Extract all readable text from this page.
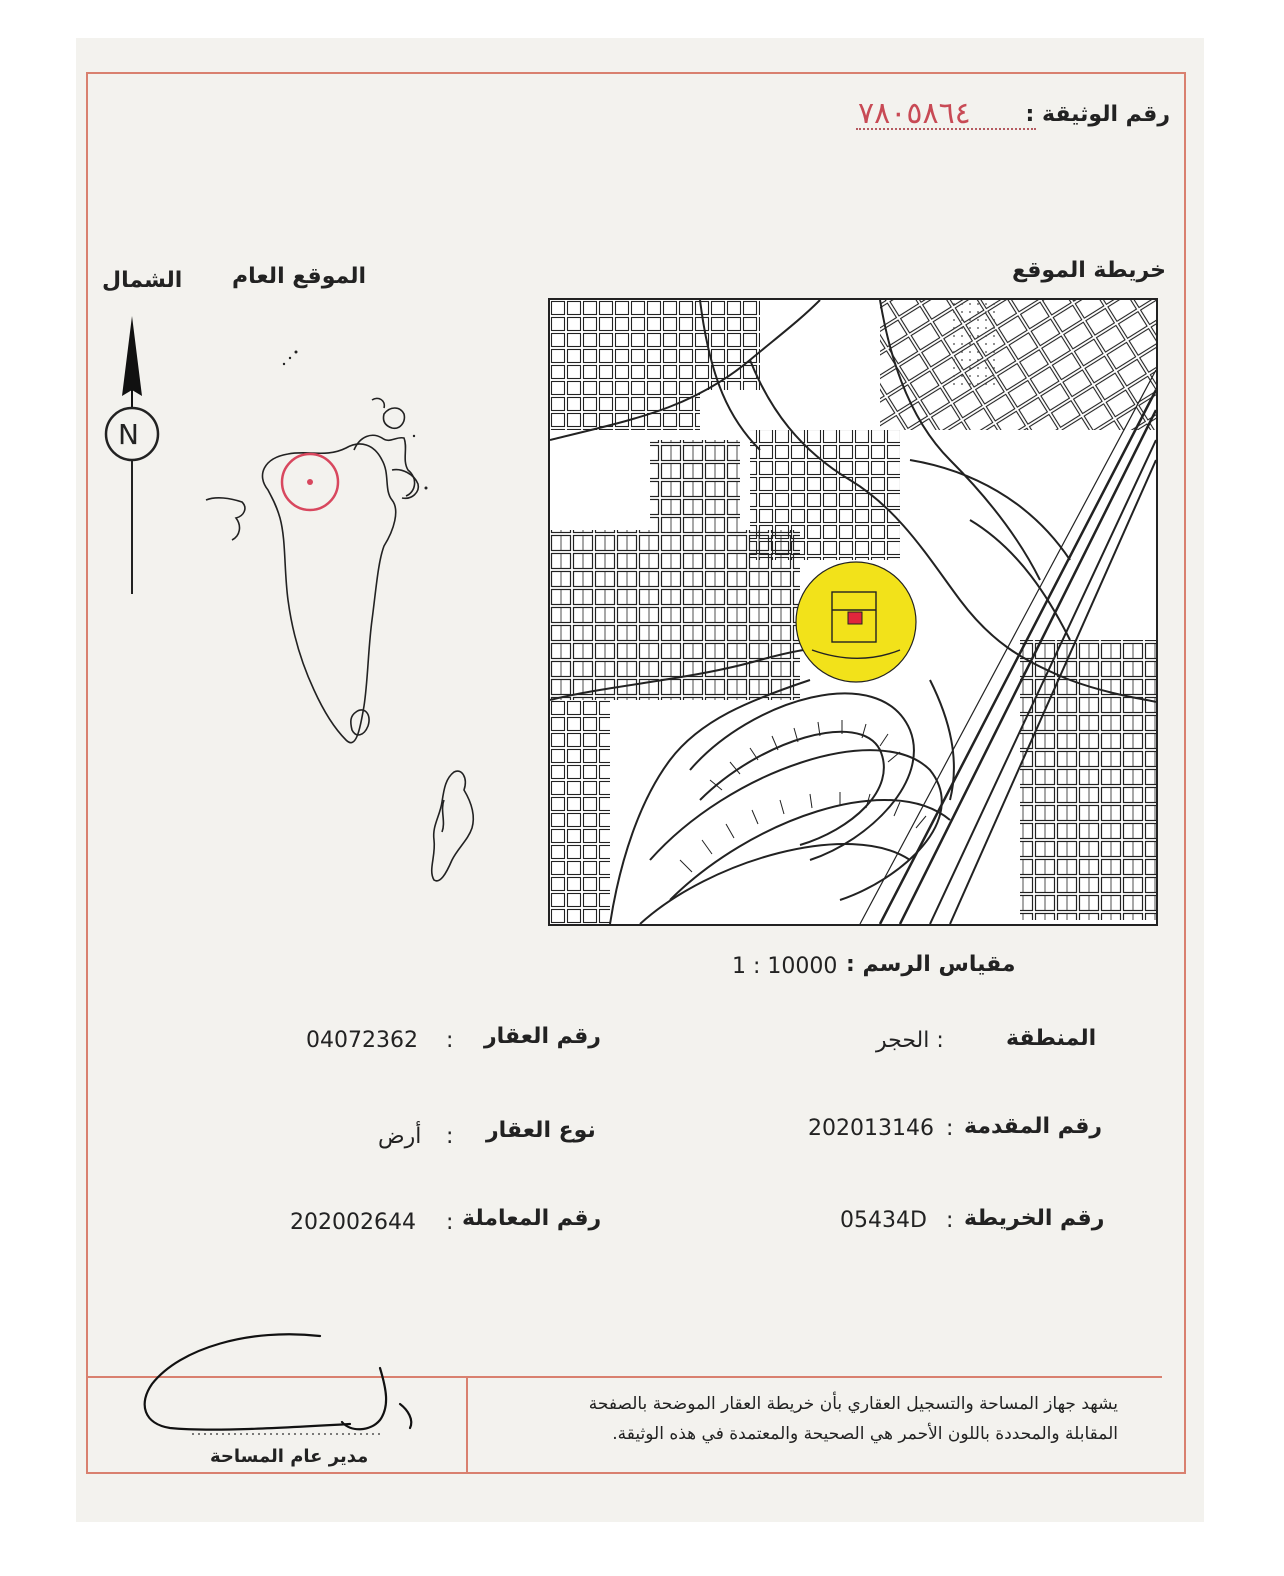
رقم الوثيقة :
٧٨٠٥٨٦٤
الموقع العام
الشمال
N
خريطة الموقع
مقياس الرسم :
1 : 10000
المنطقة
: الحجر
رقم العقار
:
04072362
رقم المقدمة
:
202013146
نوع العقار
:
أرض
رقم الخريطة
:
05434D
رقم المعاملة
:
202002644
يشهد جهاز المساحة والتسجيل العقاري بأن خريطة العقار الموضحة بالصفحة
المقابلة والمحددة باللون الأحمر هي الصحيحة والمعتمدة في هذه الوثيقة.
مدير عام المساحة
